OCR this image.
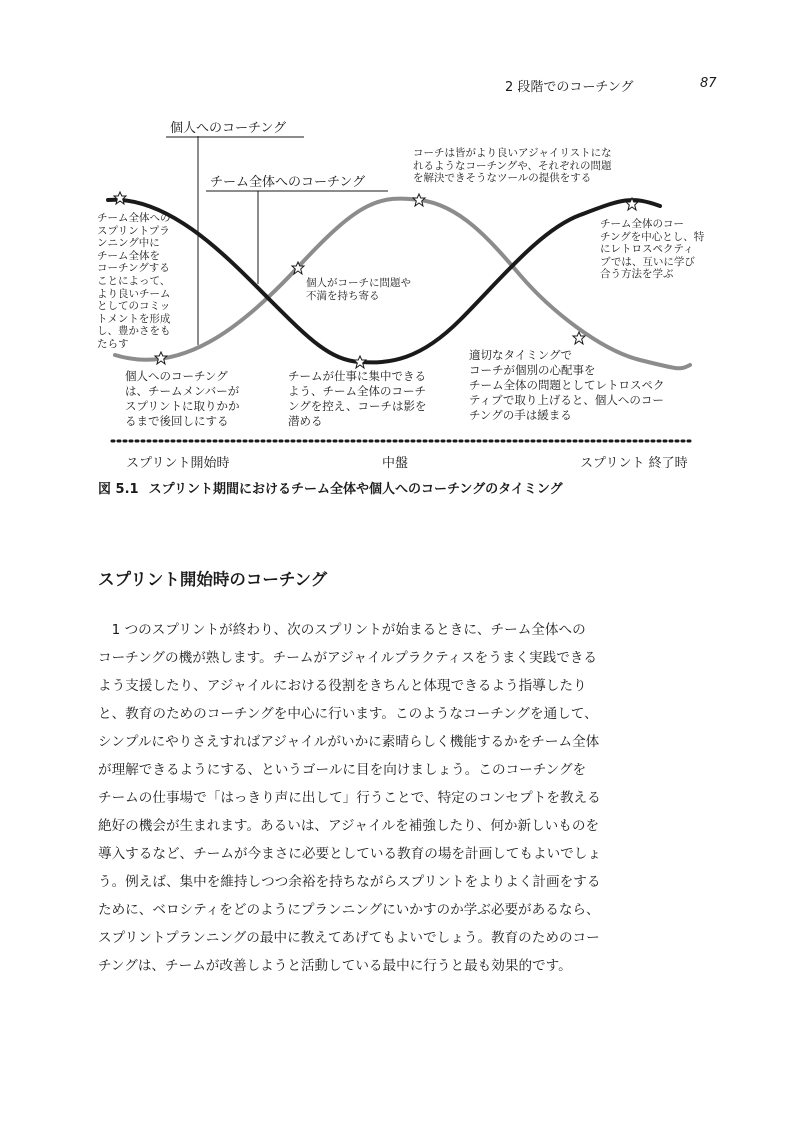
2 段階でのコーチング	87
個人へのコーチング
チーム全体へのコーチング
コーチは皆がより良いアジャイリストにな
れるようなコーチングや、それぞれの問題
を解決できそうなツールの提供をする
チーム全体への
スプリントプラ
ンニング中に
チーム全体を
コーチングする
ことによって、
より良いチーム
としてのコミッ
トメントを形成
し、豊かさをも
たらす
チーム全体のコー
チングを中心とし、特
にレトロスペクティ
ブでは、互いに学び
合う方法を学ぶ
個人がコーチに問題や
不満を持ち寄る
個人へのコーチング
は、チームメンバーが
スプリントに取りかか
るまで後回しにする
チームが仕事に集中できる
よう、チーム全体のコーチ
ングを控え、コーチは影を
潜める
適切なタイミングで
コーチが個別の心配事を
チーム全体の問題としてレトロスペク
ティブで取り上げると、個人へのコー
チングの手は緩まる
スプリント開始時	中盤	スプリント 終了時
図 5.1 スプリント期間におけるチーム全体や個人へのコーチングのタイミング
スプリント開始時のコーチング
　1 つのスプリントが終わり、次のスプリントが始まるときに、チーム全体への
コーチングの機が熟します。チームがアジャイルプラクティスをうまく実践できる
よう支援したり、アジャイルにおける役割をきちんと体現できるよう指導したり
と、教育のためのコーチングを中心に行います。このようなコーチングを通して、
シンプルにやりさえすればアジャイルがいかに素晴らしく機能するかをチーム全体
が理解できるようにする、というゴールに目を向けましょう。このコーチングを
チームの仕事場で「はっきり声に出して」行うことで、特定のコンセプトを教える
絶好の機会が生まれます。あるいは、アジャイルを補強したり、何か新しいものを
導入するなど、チームが今まさに必要としている教育の場を計画してもよいでしょ
う。例えば、集中を維持しつつ余裕を持ちながらスプリントをよりよく計画をする
ために、ベロシティをどのようにプランニングにいかすのか学ぶ必要があるなら、
スプリントプランニングの最中に教えてあげてもよいでしょう。教育のためのコー
チングは、チームが改善しようと活動している最中に行うと最も効果的です。
